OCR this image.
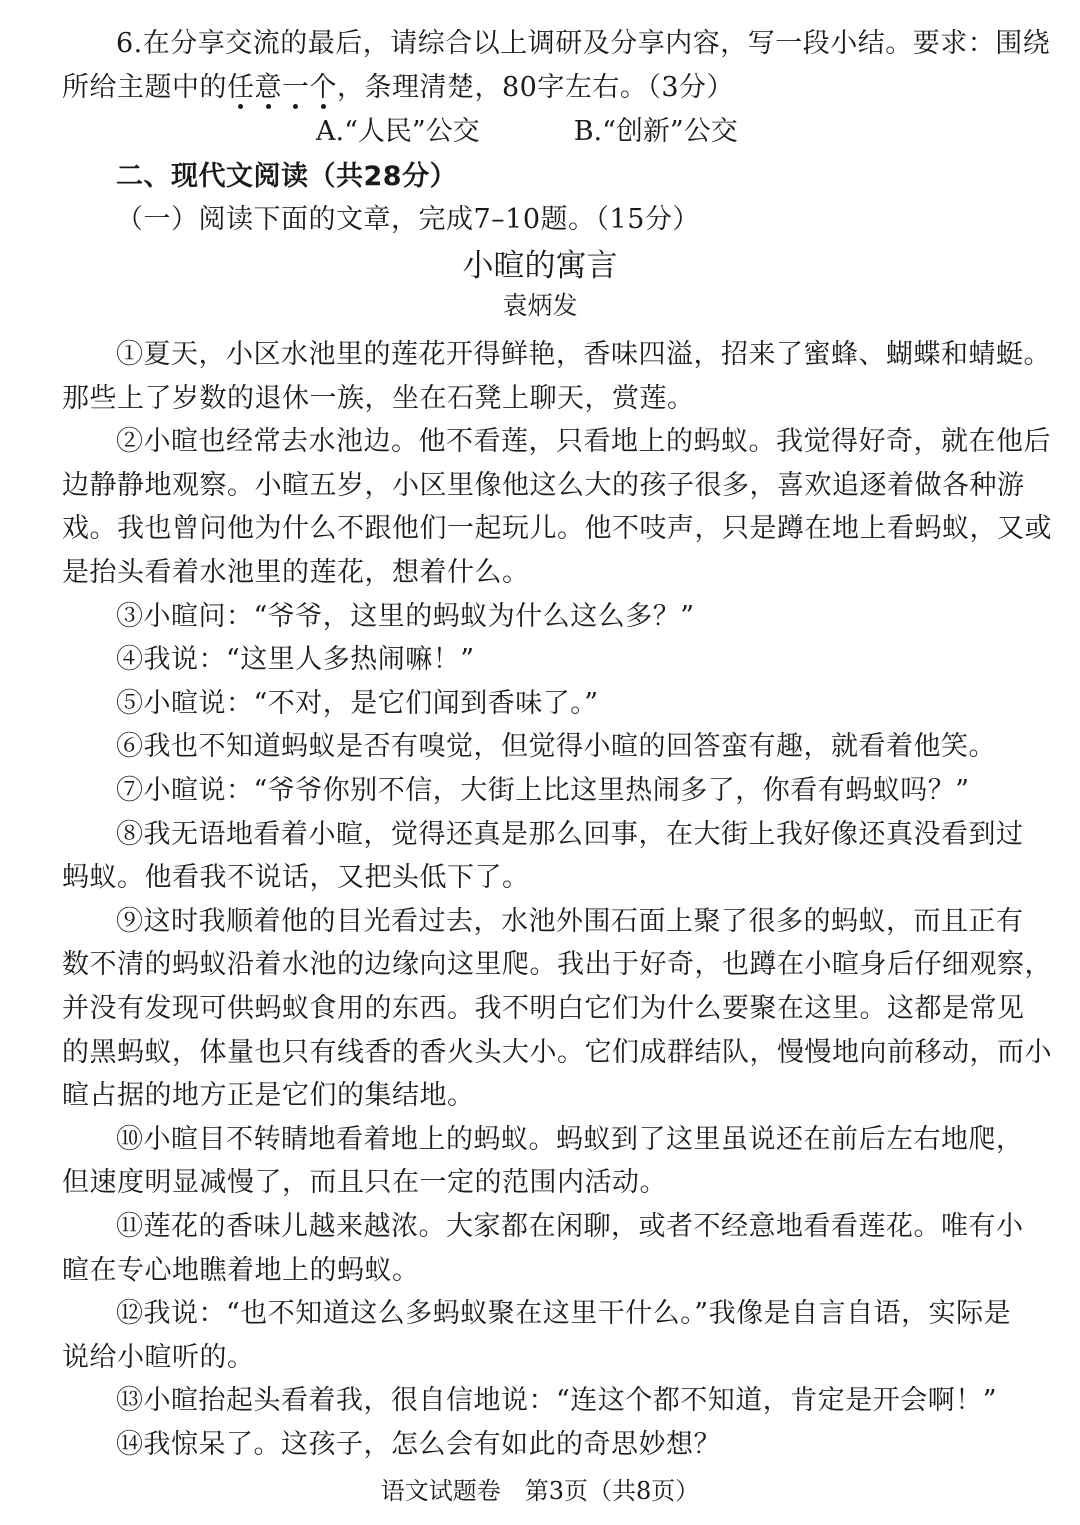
6.在分享交流的最后，请综合以上调研及分享内容，写一段小结。要求：围绕
所给主题中的任意一个，条理清楚，80字左右。（3分）
A.“人民”公交	B.“创新”公交
二、现代文阅读（共28分）
（一）阅读下面的文章，完成7–10题。（15分）
小暄的寓言
袁炳发
①夏天，小区水池里的莲花开得鲜艳，香味四溢，招来了蜜蜂、蝴蝶和蜻蜓。
那些上了岁数的退休一族，坐在石凳上聊天，赏莲。
②小暄也经常去水池边。他不看莲，只看地上的蚂蚁。我觉得好奇，就在他后
边静静地观察。小暄五岁，小区里像他这么大的孩子很多，喜欢追逐着做各种游
戏。我也曾问他为什么不跟他们一起玩儿。他不吱声，只是蹲在地上看蚂蚁，又或
是抬头看着水池里的莲花，想着什么。
③小暄问：“爷爷，这里的蚂蚁为什么这么多？”
④我说：“这里人多热闹嘛！”
⑤小暄说：“不对，是它们闻到香味了。”
⑥我也不知道蚂蚁是否有嗅觉，但觉得小暄的回答蛮有趣，就看着他笑。
⑦小暄说：“爷爷你别不信，大街上比这里热闹多了，你看有蚂蚁吗？”
⑧我无语地看着小暄，觉得还真是那么回事，在大街上我好像还真没看到过
蚂蚁。他看我不说话，又把头低下了。
⑨这时我顺着他的目光看过去，水池外围石面上聚了很多的蚂蚁，而且正有
数不清的蚂蚁沿着水池的边缘向这里爬。我出于好奇，也蹲在小暄身后仔细观察，
并没有发现可供蚂蚁食用的东西。我不明白它们为什么要聚在这里。这都是常见
的黑蚂蚁，体量也只有线香的香火头大小。它们成群结队，慢慢地向前移动，而小
暄占据的地方正是它们的集结地。
⑩小暄目不转睛地看着地上的蚂蚁。蚂蚁到了这里虽说还在前后左右地爬，
但速度明显减慢了，而且只在一定的范围内活动。
⑪莲花的香味儿越来越浓。大家都在闲聊，或者不经意地看看莲花。唯有小
暄在专心地瞧着地上的蚂蚁。
⑫我说：“也不知道这么多蚂蚁聚在这里干什么。”我像是自言自语，实际是
说给小暄听的。
⑬小暄抬起头看着我，很自信地说：“连这个都不知道，肯定是开会啊！”
⑭我惊呆了。这孩子，怎么会有如此的奇思妙想？
语文试题卷　第3页（共8页）
